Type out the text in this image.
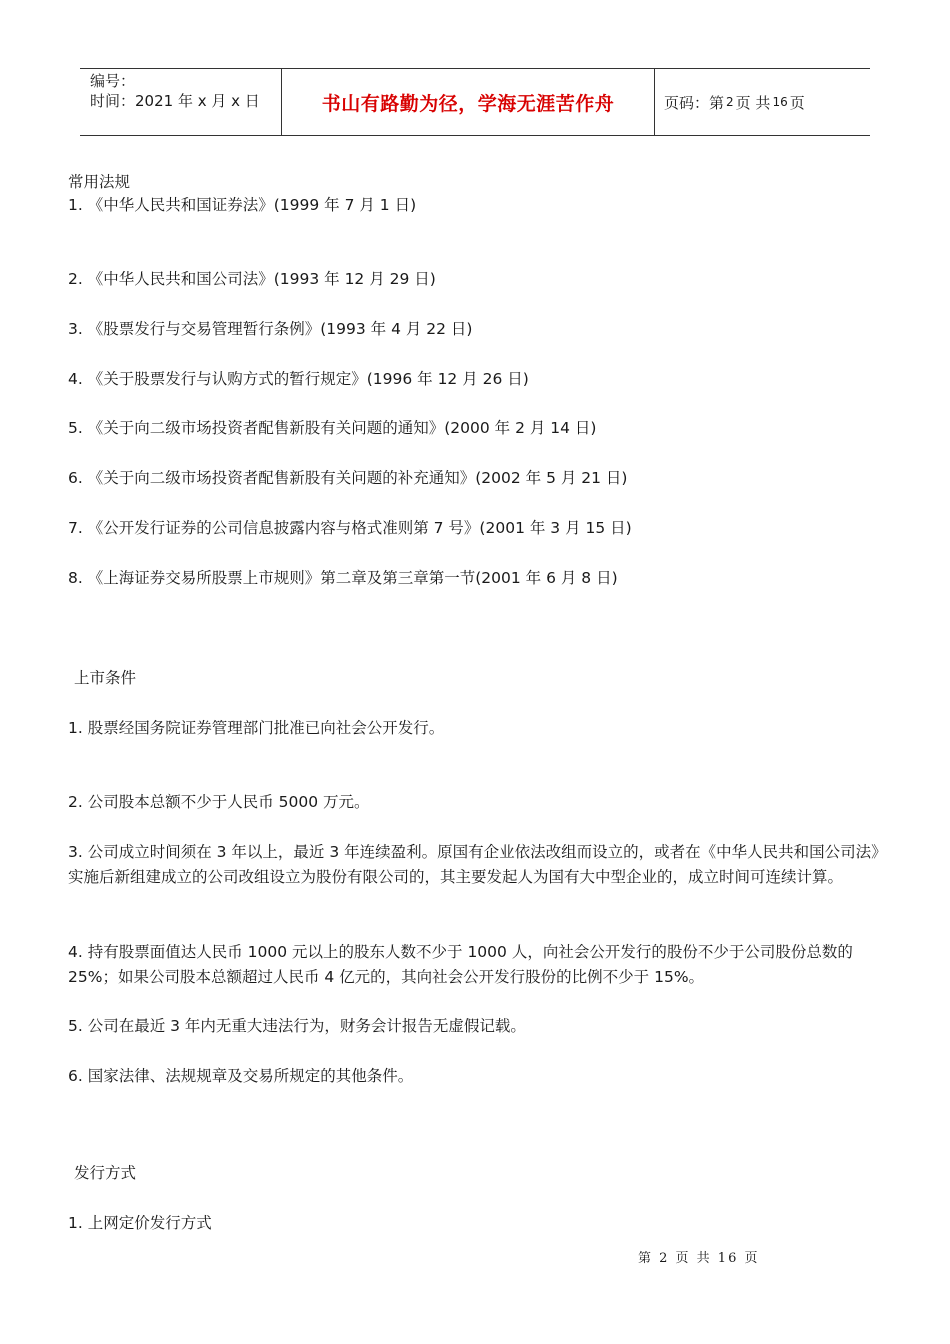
编号：
时间：2021 年 x 月 x 日	书山有路勤为径，学海无涯苦作舟	页码：第 2 页 共 16 页
常用法规
1. 《中华人民共和国证券法》(1999 年 7 月 1 日)
2. 《中华人民共和国公司法》(1993 年 12 月 29 日)
3. 《股票发行与交易管理暂行条例》(1993 年 4 月 22 日)
4. 《关于股票发行与认购方式的暂行规定》(1996 年 12 月 26 日)
5. 《关于向二级市场投资者配售新股有关问题的通知》(2000 年 2 月 14 日)
6. 《关于向二级市场投资者配售新股有关问题的补充通知》(2002 年 5 月 21 日)
7. 《公开发行证券的公司信息披露内容与格式准则第 7 号》(2001 年 3 月 15 日)
8. 《上海证券交易所股票上市规则》第二章及第三章第一节(2001 年 6 月 8 日)
上市条件
1. 股票经国务院证券管理部门批准已向社会公开发行。
2. 公司股本总额不少于人民币 5000 万元。
3. 公司成立时间须在 3 年以上，最近 3 年连续盈利。原国有企业依法改组而设立的，或者在《中华人民共和国公司法》实施后新组建成立的公司改组设立为股份有限公司的，其主要发起人为国有大中型企业的，成立时间可连续计算。
4. 持有股票面值达人民币 1000 元以上的股东人数不少于 1000 人，向社会公开发行的股份不少于公司股份总数的 25%；如果公司股本总额超过人民币 4 亿元的，其向社会公开发行股份的比例不少于 15%。
5. 公司在最近 3 年内无重大违法行为，财务会计报告无虚假记载。
6. 国家法律、法规规章及交易所规定的其他条件。
发行方式
1. 上网定价发行方式
第 2 页 共 16 页
